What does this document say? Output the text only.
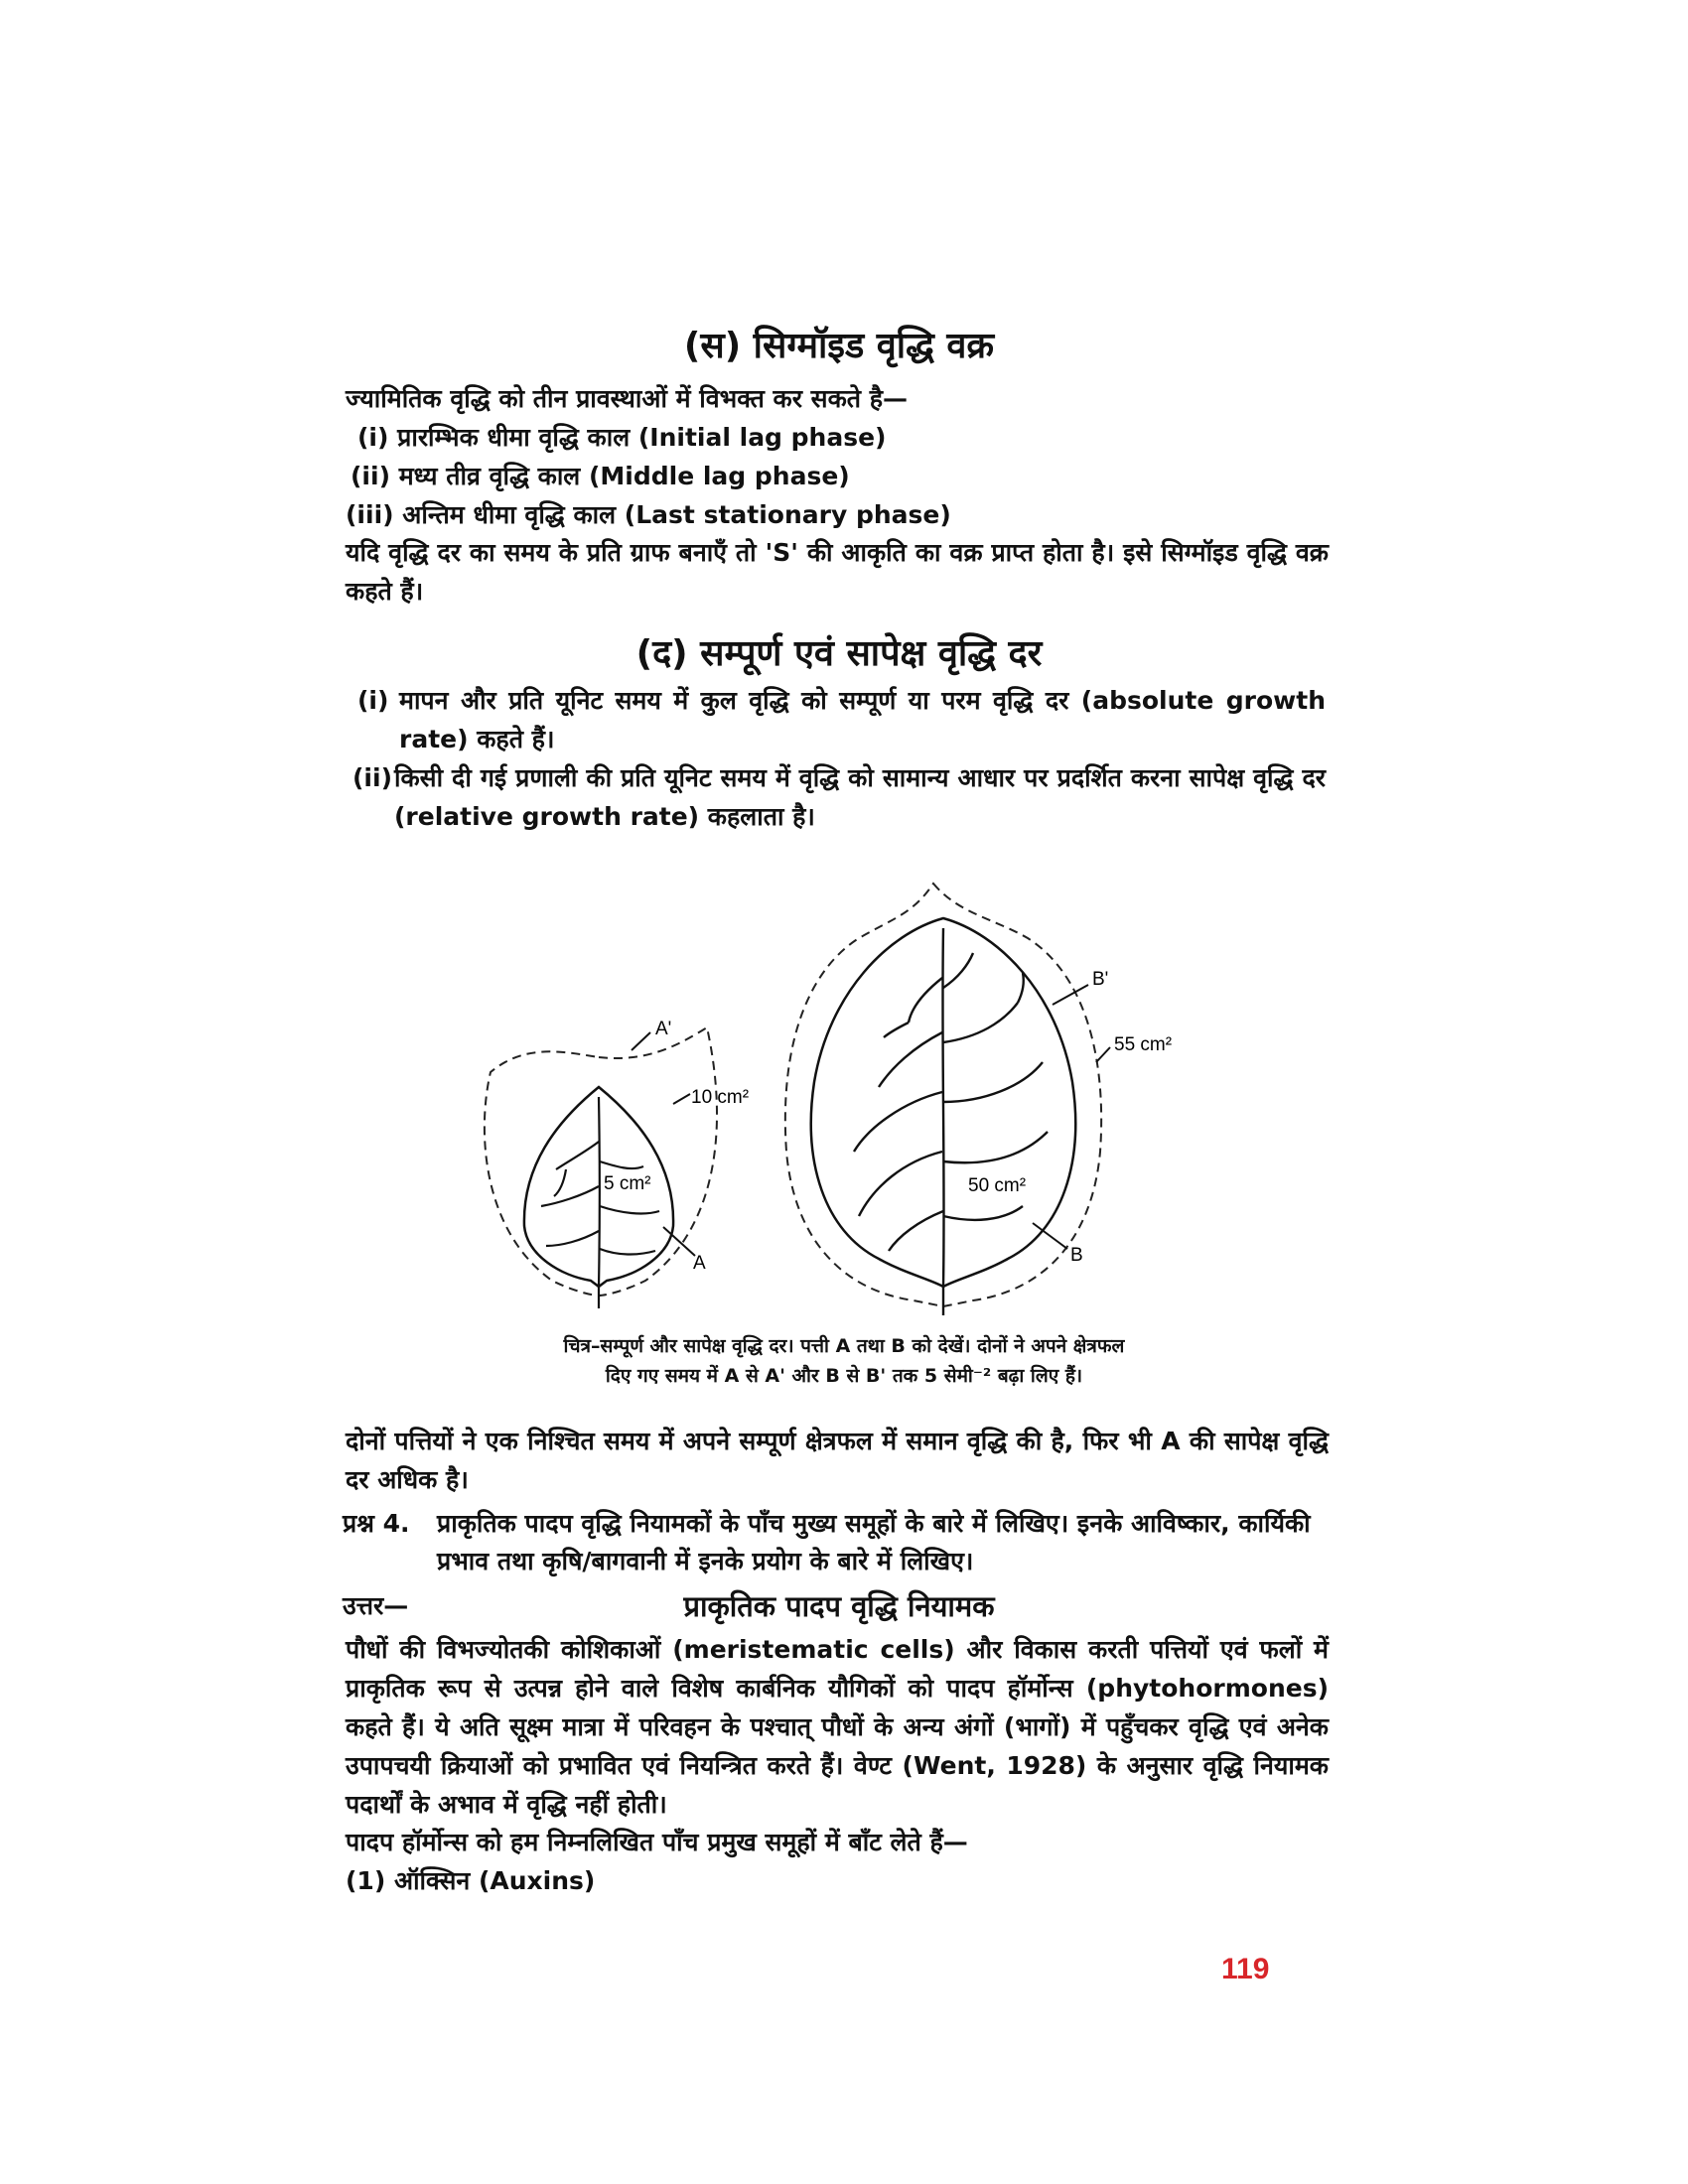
(स) सिग्मॉइड वृद्धि वक्र
ज्यामितिक वृद्धि को तीन प्रावस्थाओं में विभक्त कर सकते है—
(i) प्रारम्भिक धीमा वृद्धि काल (Initial lag phase)
(ii) मध्य तीव्र वृद्धि काल (Middle lag phase)
(iii) अन्तिम धीमा वृद्धि काल (Last stationary phase)
यदि वृद्धि दर का समय के प्रति ग्राफ बनाएँ तो 'S' की आकृति का वक्र प्राप्त होता है। इसे सिग्मॉइड वृद्धि वक्र कहते हैं।
(द) सम्पूर्ण एवं सापेक्ष वृद्धि दर
(i) मापन और प्रति यूनिट समय में कुल वृद्धि को सम्पूर्ण या परम वृद्धि दर (absolute growth rate) कहते हैं।
(ii) किसी दी गई प्रणाली की प्रति यूनिट समय में वृद्धि को सामान्य आधार पर प्रदर्शित करना सापेक्ष वृद्धि दर (relative growth rate) कहलाता है।
A'
10 cm²
5 cm²
A
B'
55 cm²
50 cm²
B
चित्र–सम्पूर्ण और सापेक्ष वृद्धि दर। पत्ती A तथा B को देखें। दोनों ने अपने क्षेत्रफल
दिए गए समय में A से A' और B से B' तक 5 सेमी⁻² बढ़ा लिए हैं।
दोनों पत्तियों ने एक निश्चित समय में अपने सम्पूर्ण क्षेत्रफल में समान वृद्धि की है, फिर भी A की सापेक्ष वृद्धि दर अधिक है।
प्रश्न 4. प्राकृतिक पादप वृद्धि नियामकों के पाँच मुख्य समूहों के बारे में लिखिए। इनके आविष्कार, कार्यिकी प्रभाव तथा कृषि/बागवानी में इनके प्रयोग के बारे में लिखिए।
उत्तर—	प्राकृतिक पादप वृद्धि नियामक
पौधों की विभज्योतकी कोशिकाओं (meristematic cells) और विकास करती पत्तियों एवं फलों में प्राकृतिक रूप से उत्पन्न होने वाले विशेष कार्बनिक यौगिकों को पादप हॉर्मोन्स (phytohormones) कहते हैं। ये अति सूक्ष्म मात्रा में परिवहन के पश्चात् पौधों के अन्य अंगों (भागों) में पहुँचकर वृद्धि एवं अनेक उपापचयी क्रियाओं को प्रभावित एवं नियन्त्रित करते हैं। वेण्ट (Went, 1928) के अनुसार वृद्धि नियामक पदार्थों के अभाव में वृद्धि नहीं होती।
पादप हॉर्मोन्स को हम निम्नलिखित पाँच प्रमुख समूहों में बाँट लेते हैं—
(1) ऑक्सिन (Auxins)
119
